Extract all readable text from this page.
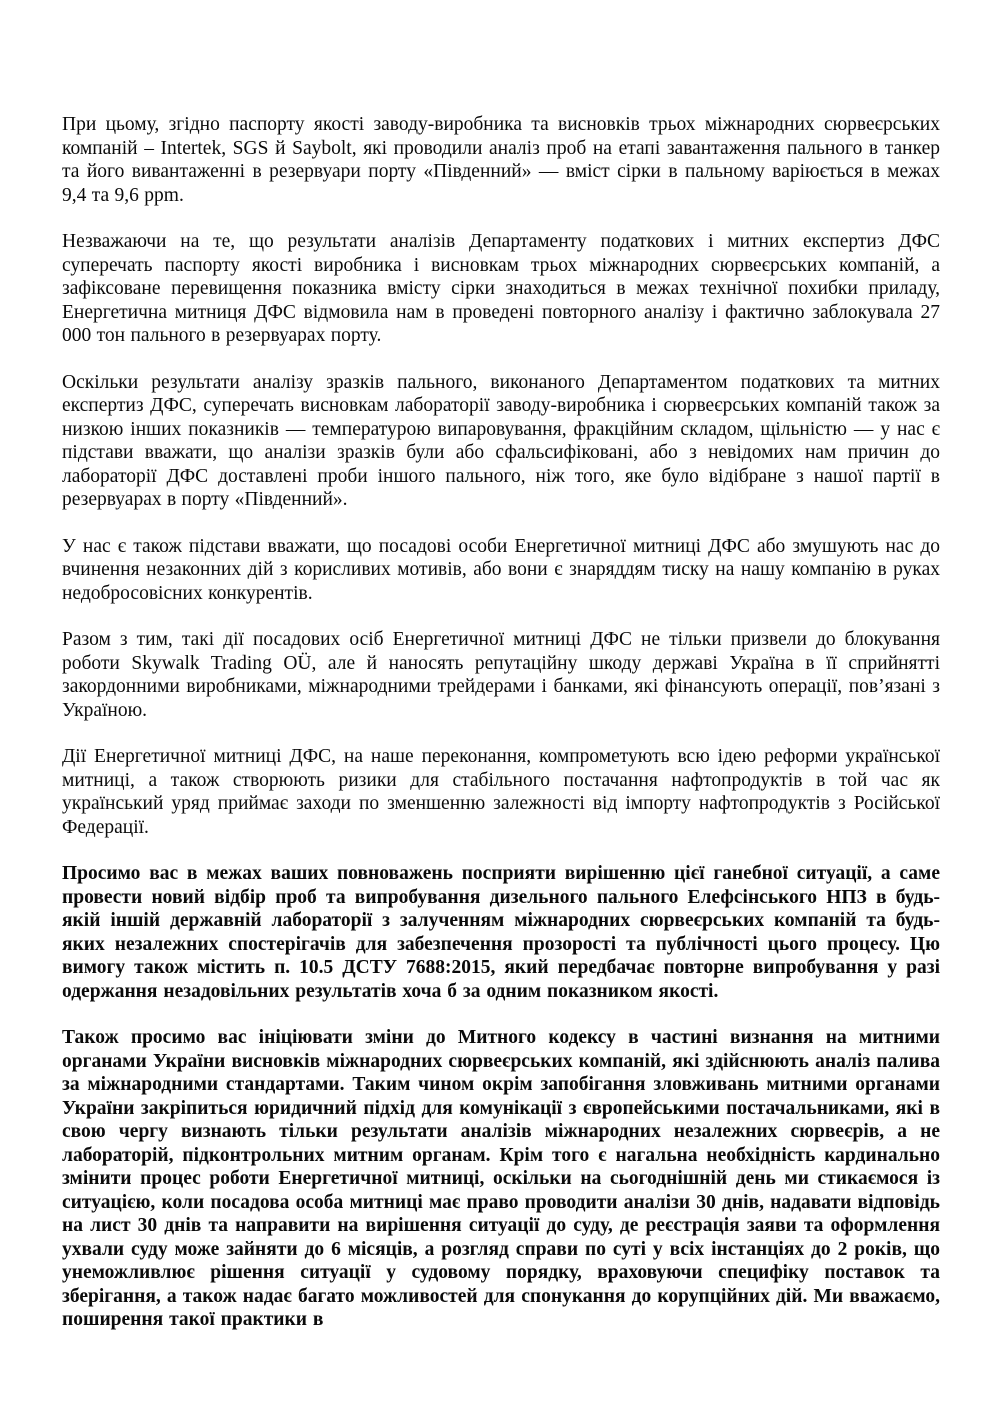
При цьому, згідно паспорту якості заводу-виробника та висновків трьох міжнародних сюрвеєрських компаній – Intertek, SGS й Saybolt, які проводили аналіз проб на етапі завантаження пального в танкер та його вивантаженні в резервуари порту «Південний» — вміст сірки в пальному варіюється в межах 9,4 та 9,6 ppm.

Незважаючи на те, що результати аналізів Департаменту податкових і митних експертиз ДФС суперечать паспорту якості виробника і висновкам трьох міжнародних сюрвеєрських компаній, а зафіксоване перевищення показника вмісту сірки знаходиться в межах технічної похибки приладу, Енергетична митниця ДФС відмовила нам в проведені повторного аналізу і фактично заблокувала 27 000 тон пального в резервуарах порту.

Оскільки результати аналізу зразків пального, виконаного Департаментом податкових та митних експертиз ДФС, суперечать висновкам лабораторії заводу-виробника і сюрвеєрських компаній також за низкою інших показників — температурою випаровування, фракційним складом, щільністю — у нас є підстави вважати, що аналізи зразків були або сфальсифіковані, або з невідомих нам причин до лабораторії ДФС доставлені проби іншого пального, ніж того, яке було відібране з нашої партії в резервуарах в порту «Південний».

У нас є також підстави вважати, що посадові особи Енергетичної митниці ДФС або змушують нас до вчинення незаконних дій з корисливих мотивів, або вони є знаряддям тиску на нашу компанію в руках недобросовісних конкурентів.

Разом з тим, такі дії посадових осіб Енергетичної митниці ДФС не тільки призвели до блокування роботи Skywalk Trading OÜ, але й наносять репутаційну шкоду державі Україна в її сприйнятті закордонними виробниками, міжнародними трейдерами і банками, які фінансують операції, пов’язані з Україною.

Дії Енергетичної митниці ДФС, на наше переконання, компрометують всю ідею реформи української митниці, а також створюють ризики для стабільного постачання нафтопродуктів в той час як український уряд приймає заходи по зменшенню залежності від імпорту нафтопродуктів з Російської Федерації.

Просимо вас в межах ваших повноважень посприяти вирішенню цієї ганебної ситуації, а саме провести новий відбір проб та випробування дизельного пального Елефсінського НПЗ в будь-якій іншій державній лабораторії з залученням міжнародних сюрвеєрських компаній та будь-яких незалежних спостерігачів для забезпечення прозорості та публічності цього процесу. Цю вимогу також містить п. 10.5 ДСТУ 7688:2015, який передбачає повторне випробування у разі одержання незадовільних результатів хоча б за одним показником якості.

Також просимо вас ініціювати зміни до Митного кодексу в частині визнання на митними органами України висновків міжнародних сюрвеєрських компаній, які здійснюють аналіз палива за міжнародними стандартами. Таким чином окрім запобігання зловживань митними органами України закріпиться юридичний підхід для комунікації з європейськими постачальниками, які в свою чергу визнають тільки результати аналізів міжнародних незалежних сюрвеєрів, а не лабораторій, підконтрольних митним органам. Крім того є нагальна необхідність кардинально змінити процес роботи Енергетичної митниці, оскільки на сьогоднішній день ми стикаємося із ситуацією, коли посадова особа митниці має право проводити аналізи 30 днів, надавати відповідь на лист 30 днів та направити на вирішення ситуації до суду, де реєстрація заяви та оформлення ухвали суду може зайняти до 6 місяців, а розгляд справи по суті у всіх інстанціях до 2 років, що унеможливлює рішення ситуації у судовому порядку, враховуючи специфіку поставок та зберігання, а також надає багато можливостей для спонукання до корупційних дій. Ми вважаємо, поширення такої практики в
